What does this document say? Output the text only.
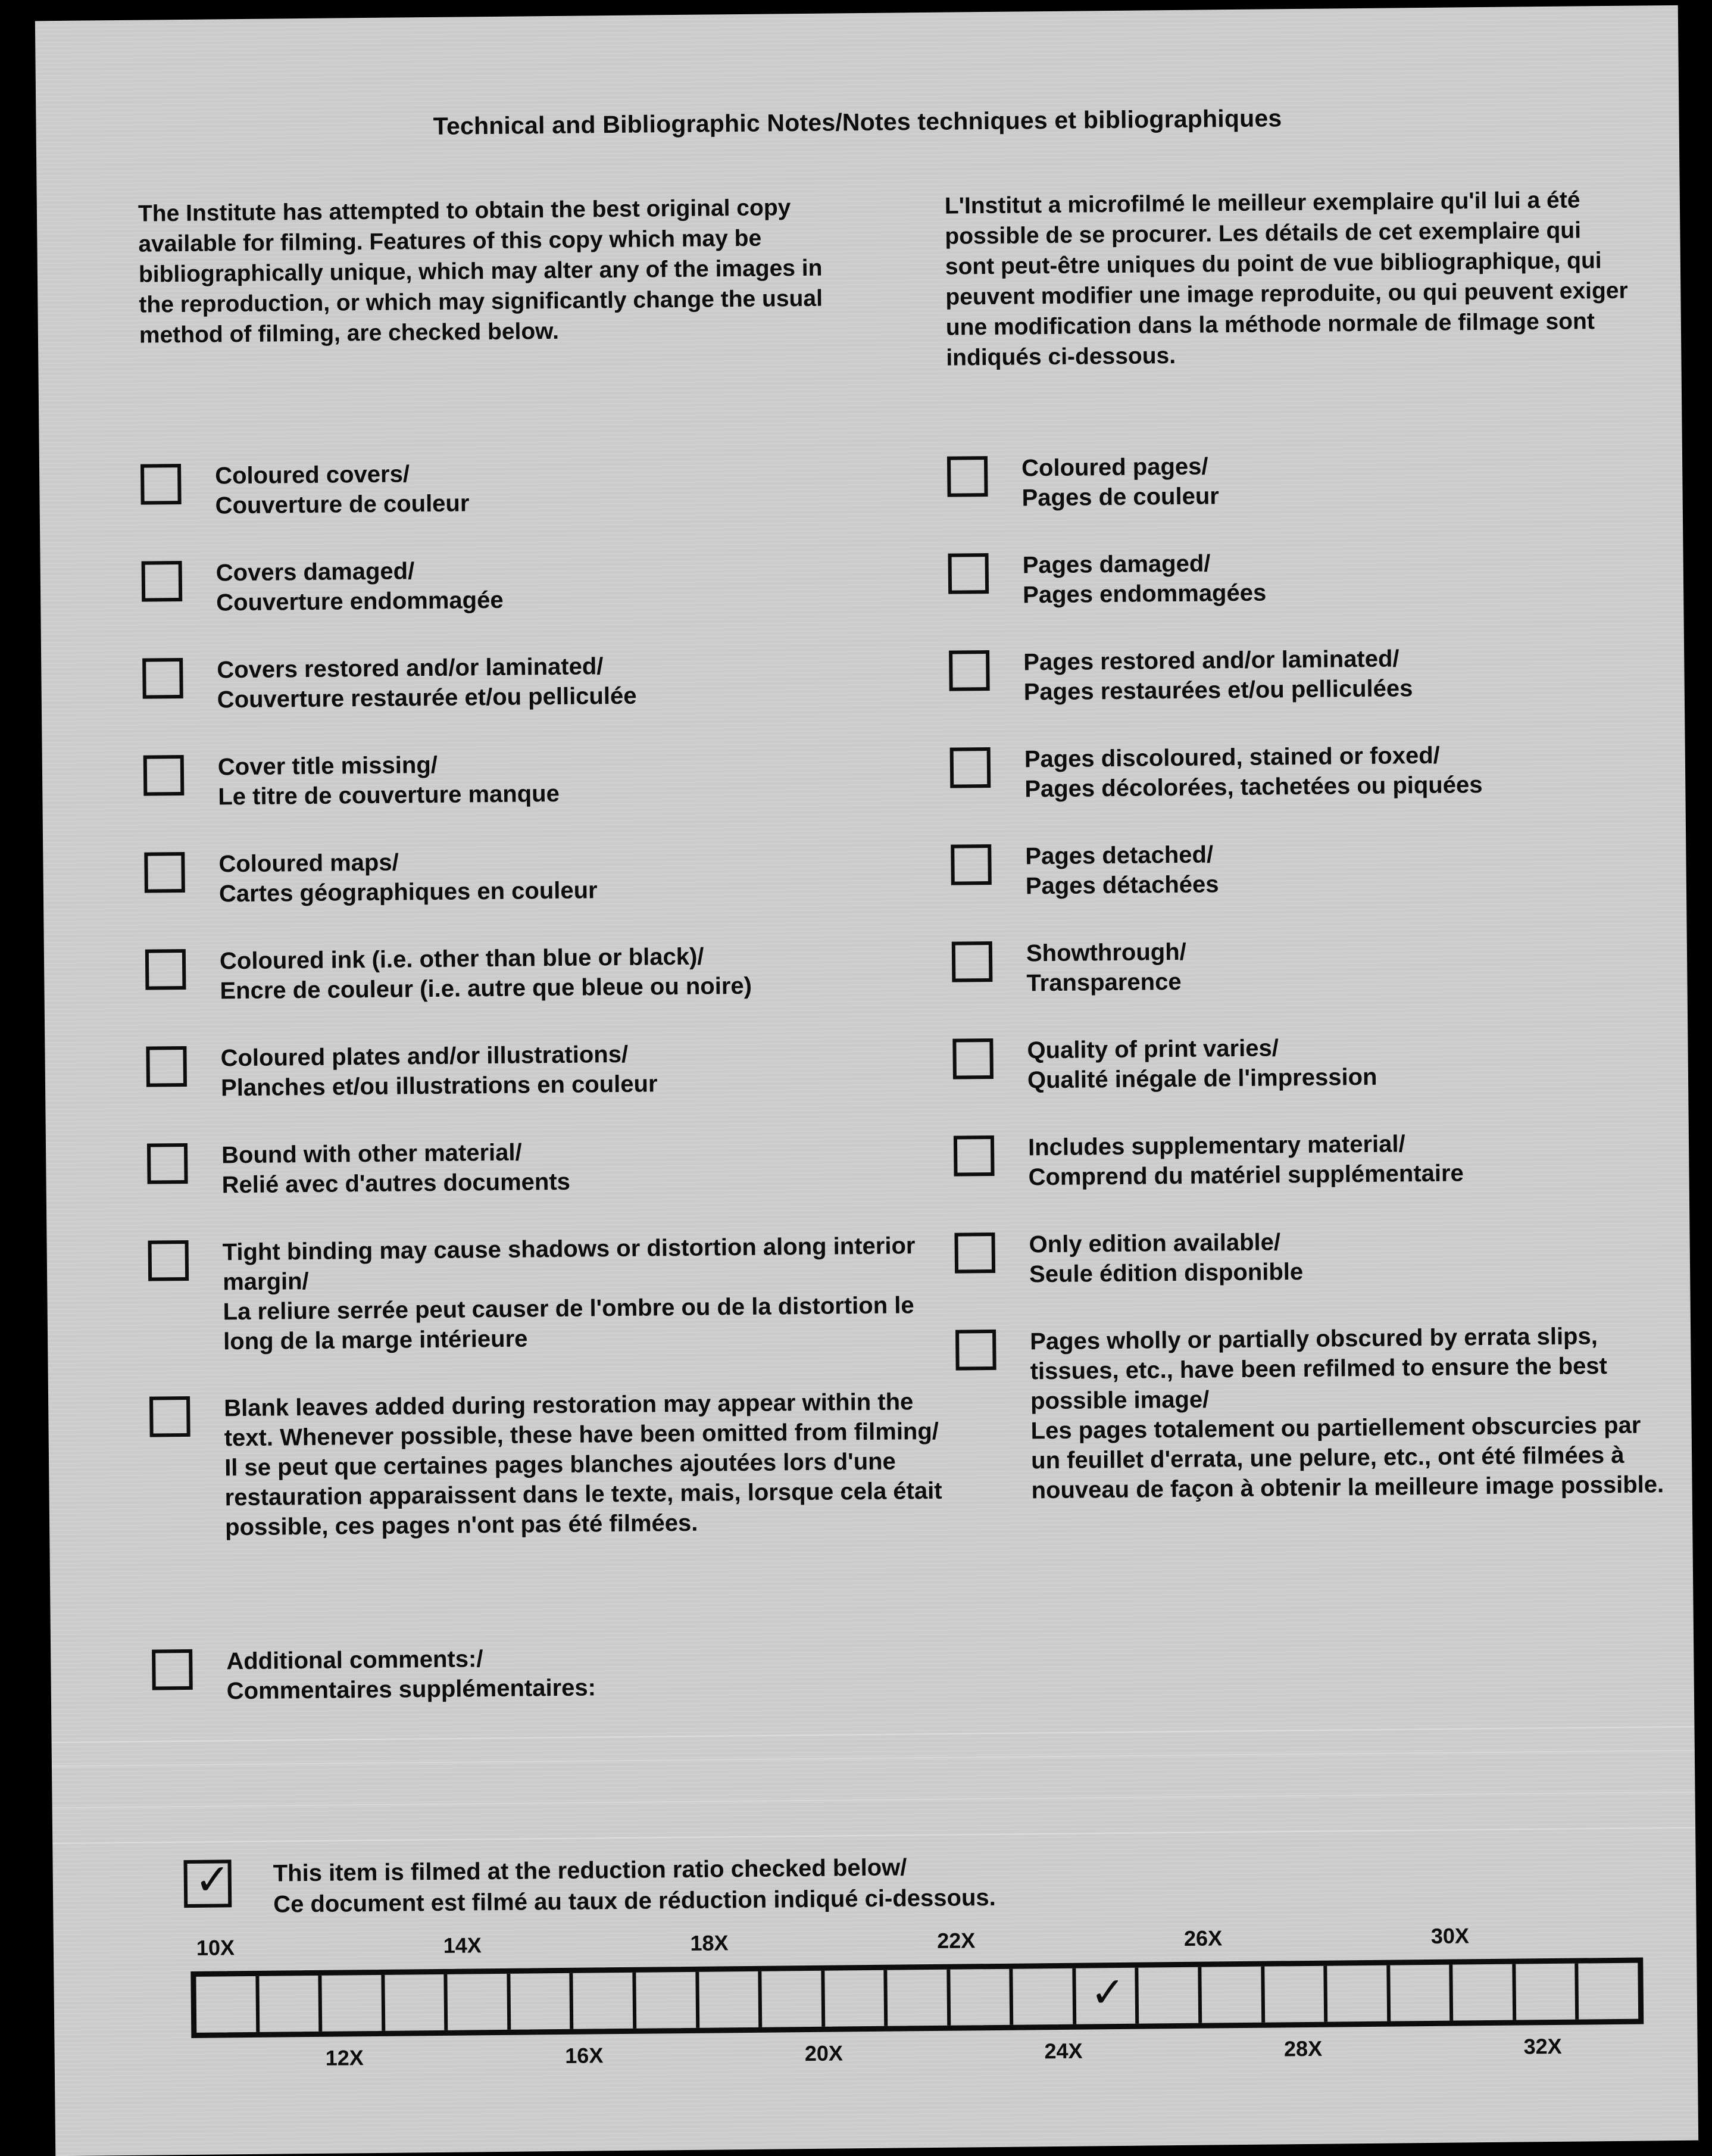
Technical and Bibliographic Notes/Notes techniques et bibliographiques

The Institute has attempted to obtain the best original copy available for filming. Features of this copy which may be bibliographically unique, which may alter any of the images in the reproduction, or which may significantly change the usual method of filming, are checked below.

L'Institut a microfilmé le meilleur exemplaire qu'il lui a été possible de se procurer. Les détails de cet exemplaire qui sont peut-être uniques du point de vue bibliographique, qui peuvent modifier une image reproduite, ou qui peuvent exiger une modification dans la méthode normale de filmage sont indiqués ci-dessous.

Coloured covers/
Couverture de couleur
Covers damaged/
Couverture endommagée
Covers restored and/or laminated/
Couverture restaurée et/ou pelliculée
Cover title missing/
Le titre de couverture manque
Coloured maps/
Cartes géographiques en couleur
Coloured ink (i.e. other than blue or black)/
Encre de couleur (i.e. autre que bleue ou noire)
Coloured plates and/or illustrations/
Planches et/ou illustrations en couleur
Bound with other material/
Relié avec d'autres documents
Tight binding may cause shadows or distortion along interior margin/
La reliure serrée peut causer de l'ombre ou de la distortion le long de la marge intérieure
Blank leaves added during restoration may appear within the text. Whenever possible, these have been omitted from filming/
Il se peut que certaines pages blanches ajoutées lors d'une restauration apparaissent dans le texte, mais, lorsque cela était possible, ces pages n'ont pas été filmées.
Additional comments:/
Commentaires supplémentaires:
Coloured pages/
Pages de couleur
Pages damaged/
Pages endommagées
Pages restored and/or laminated/
Pages restaurées et/ou pelliculées
Pages discoloured, stained or foxed/
Pages décolorées, tachetées ou piquées
Pages detached/
Pages détachées
Showthrough/
Transparence
Quality of print varies/
Qualité inégale de l'impression
Includes supplementary material/
Comprend du matériel supplémentaire
Only edition available/
Seule édition disponible
Pages wholly or partially obscured by errata slips, tissues, etc., have been refilmed to ensure the best possible image/
Les pages totalement ou partiellement obscurcies par un feuillet d'errata, une pelure, etc., ont été filmées à nouveau de façon à obtenir la meilleure image possible.
✓ This item is filmed at the reduction ratio checked below/
Ce document est filmé au taux de réduction indiqué ci-dessous.
10X	14X	18X	22X	26X	30X
✓
12X	16X	20X	24X	28X	32X
